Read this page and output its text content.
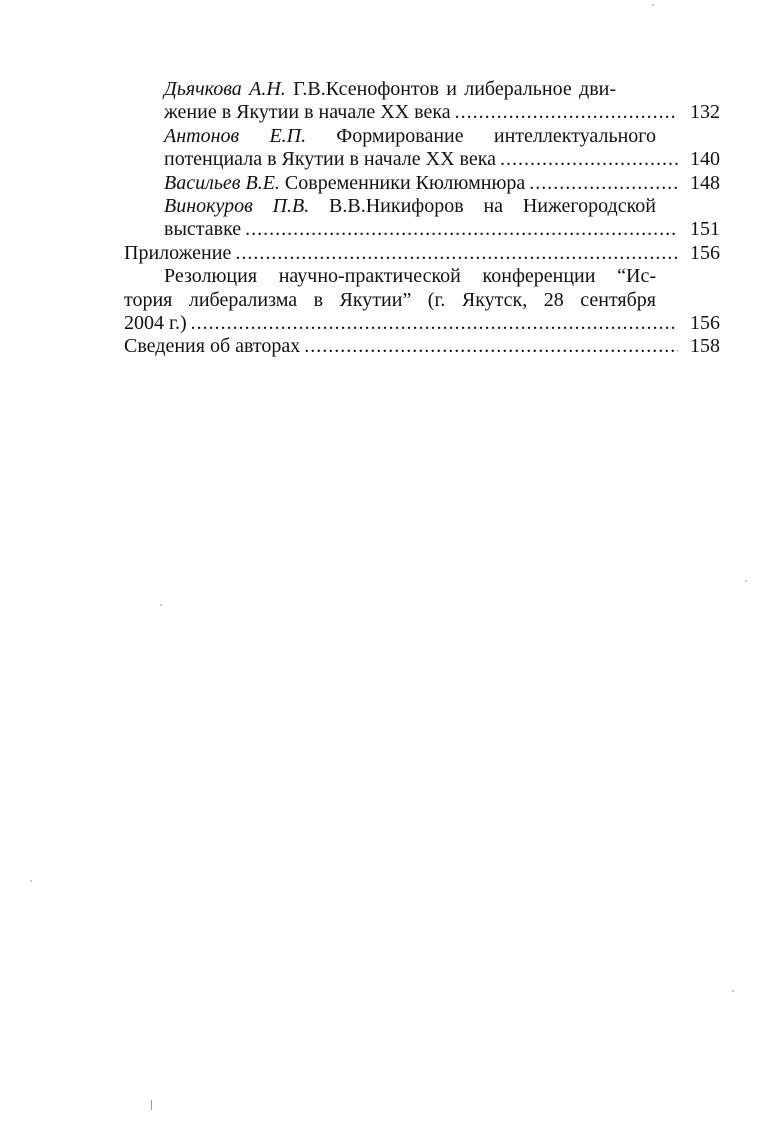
Дьячкова А.Н. Г.В.Ксенофонтов и либеральное дви-
жение в Якутии в начале XX века .....	132
Антонов Е.П. Формирование интеллектуального
потенциала в Якутии в начале XX века .....	140
Васильев В.Е. Современники Кюлюмнюра .....	148
Винокуров П.В. В.В.Никифоров на Нижегородской
выставке .....	151
Приложение .....	156
Резолюция научно-практической конференции “Ис-
тория либерализма в Якутии” (г. Якутск, 28 сентября
2004 г.) .....	156
Сведения об авторах .....	158
